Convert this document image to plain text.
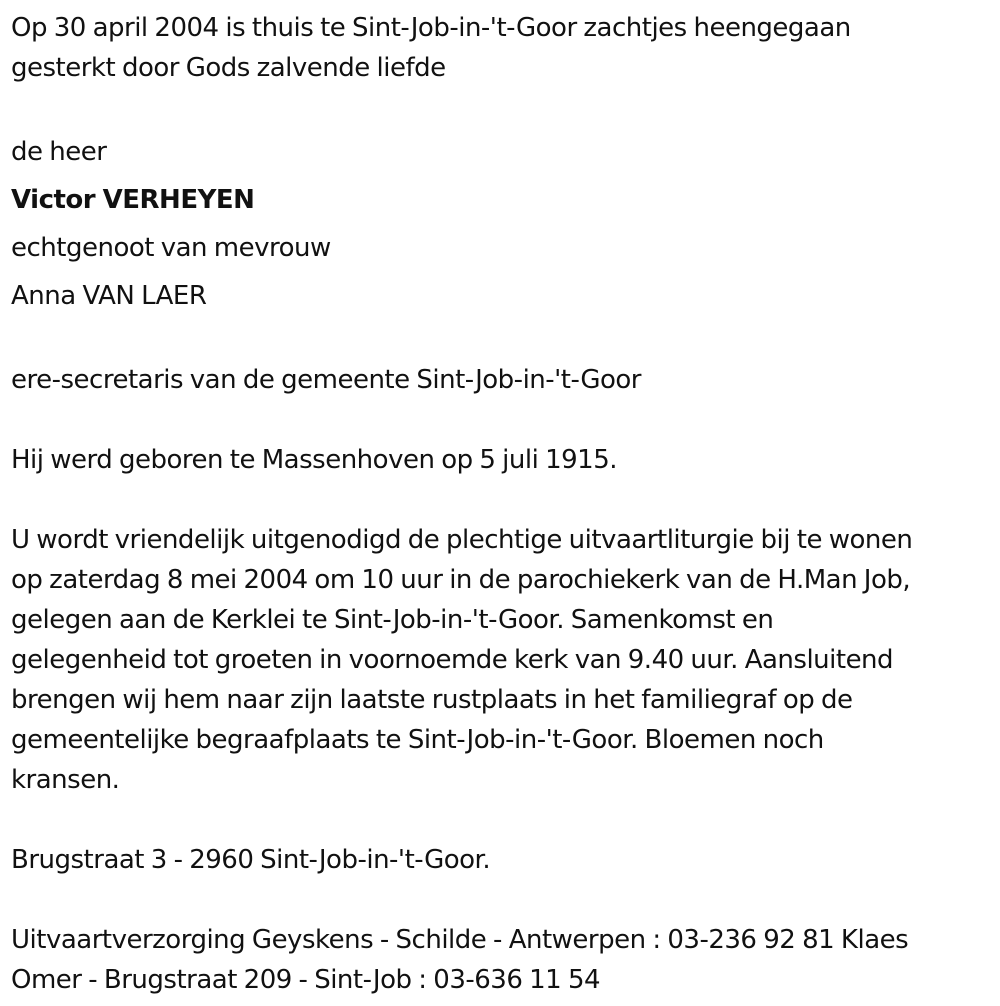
Op 30 april 2004 is thuis te Sint-Job-in-'t-Goor zachtjes heengegaan
gesterkt door Gods zalvende liefde
de heer
Victor VERHEYEN
echtgenoot van mevrouw
Anna VAN LAER
ere-secretaris van de gemeente Sint-Job-in-'t-Goor
Hij werd geboren te Massenhoven op 5 juli 1915.
U wordt vriendelijk uitgenodigd de plechtige uitvaartliturgie bij te wonen
op zaterdag 8 mei 2004 om 10 uur in de parochiekerk van de H.Man Job,
gelegen aan de Kerklei te Sint-Job-in-'t-Goor. Samenkomst en
gelegenheid tot groeten in voornoemde kerk van 9.40 uur. Aansluitend
brengen wij hem naar zijn laatste rustplaats in het familiegraf op de
gemeentelijke begraafplaats te Sint-Job-in-'t-Goor. Bloemen noch
kransen.
Brugstraat 3 - 2960 Sint-Job-in-'t-Goor.
Uitvaartverzorging Geyskens - Schilde - Antwerpen : 03-236 92 81 Klaes
Omer - Brugstraat 209 - Sint-Job : 03-636 11 54
